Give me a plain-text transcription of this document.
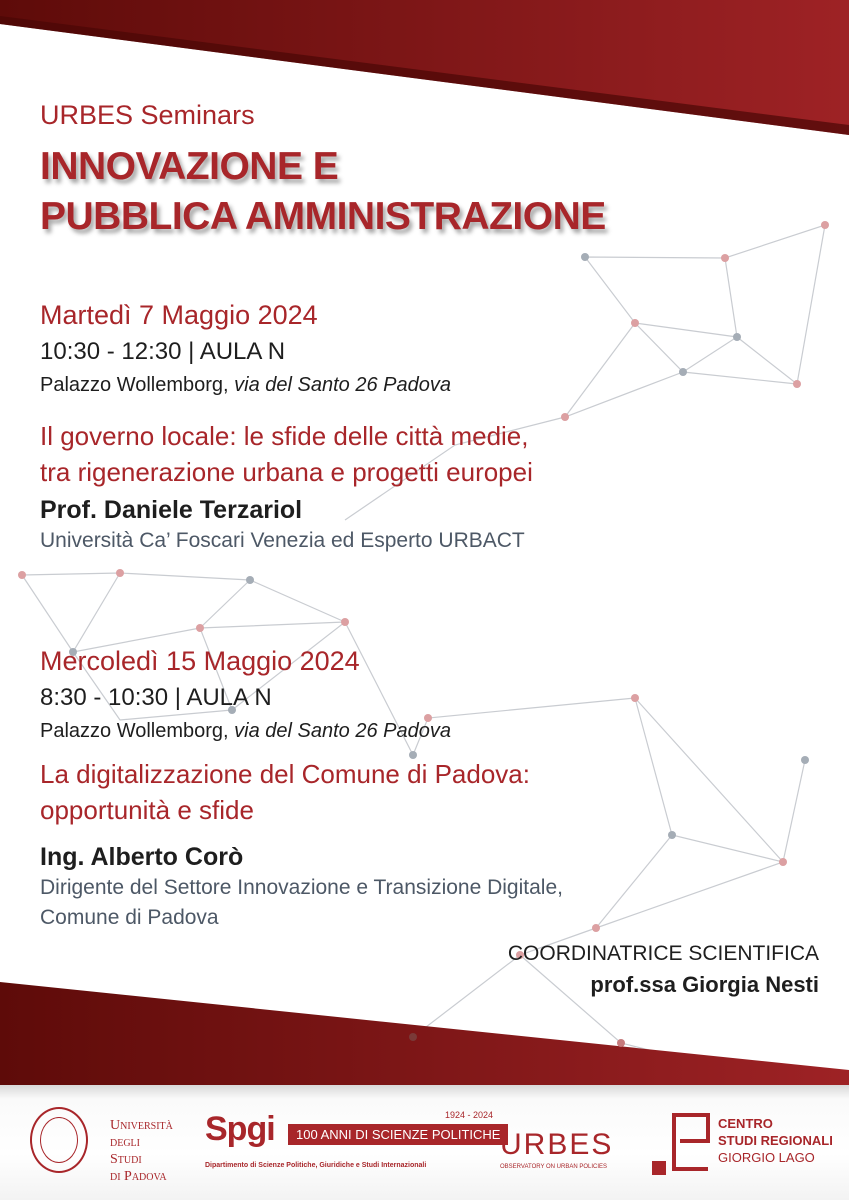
URBES Seminars
INNOVAZIONE E
PUBBLICA AMMINISTRAZIONE
Martedì 7 Maggio 2024
10:30 - 12:30 | AULA N
Palazzo Wollemborg, via del Santo 26 Padova
Il governo locale: le sfide delle città medie,
tra rigenerazione urbana e progetti europei
Prof. Daniele Terzariol
Università Ca’ Foscari Venezia ed Esperto URBACT
Mercoledì 15 Maggio 2024
8:30 - 10:30 | AULA N
Palazzo Wollemborg, via del Santo 26 Padova
La digitalizzazione del Comune di Padova:
opportunità e sfide
Ing. Alberto Corò
Dirigente del Settore Innovazione e Transizione Digitale,
Comune di Padova
COORDINATRICE SCIENTIFICA
prof.ssa Giorgia Nesti
Università
degli Studi
di Padova
Spgi	100 ANNI DI SCIENZE POLITICHE
1924 - 2024
Dipartimento di Scienze Politiche, Giuridiche e Studi Internazionali
URBES
OBSERVATORY ON URBAN POLICIES
CENTRO
STUDI REGIONALI
GIORGIO LAGO
